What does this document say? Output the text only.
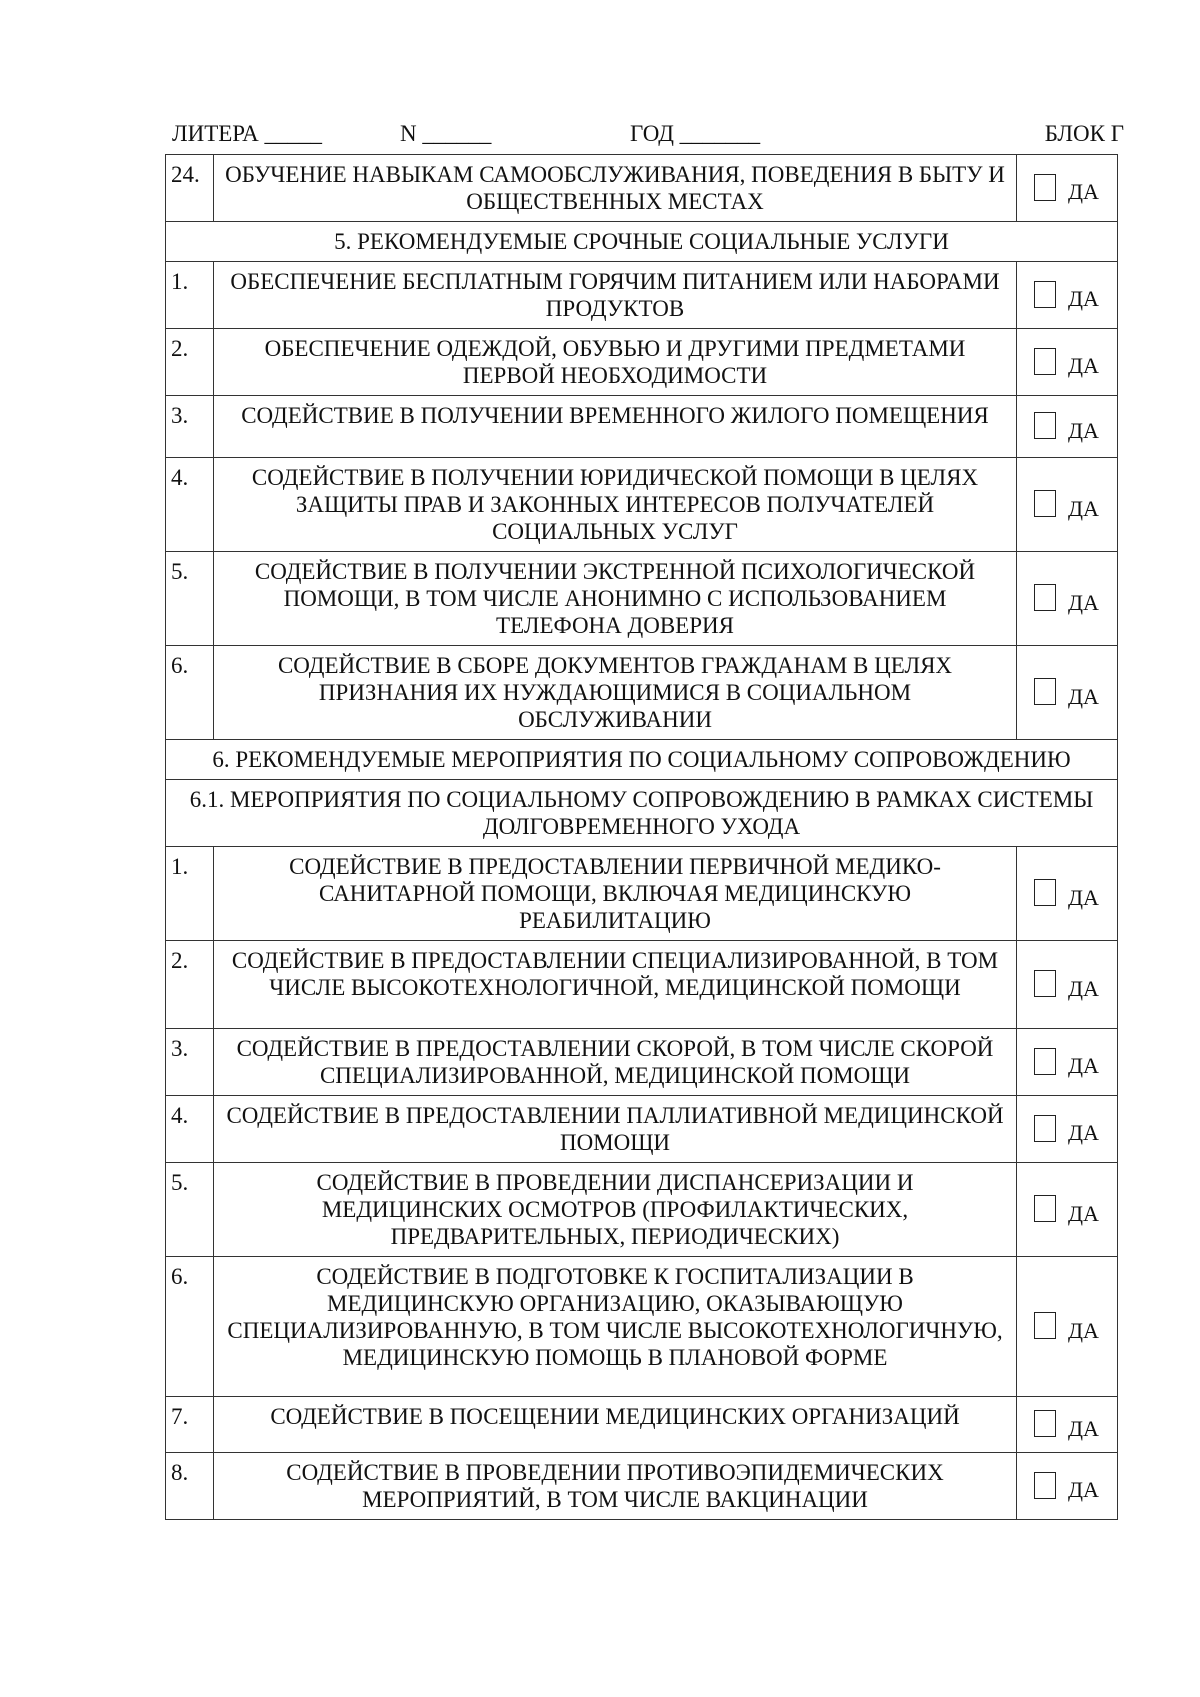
ЛИТЕРА _____	N ______	ГОД _______	БЛОК Г
24.	ОБУЧЕНИЕ НАВЫКАМ САМООБСЛУЖИВАНИЯ, ПОВЕДЕНИЯ В БЫТУ И ОБЩЕСТВЕННЫХ МЕСТАХ	ДА

5. РЕКОМЕНДУЕМЫЕ СРОЧНЫЕ СОЦИАЛЬНЫЕ УСЛУГИ		
1.	ОБЕСПЕЧЕНИЕ БЕСПЛАТНЫМ ГОРЯЧИМ ПИТАНИЕМ ИЛИ НАБОРАМИ ПРОДУКТОВ	ДА

2.	ОБЕСПЕЧЕНИЕ ОДЕЖДОЙ, ОБУВЬЮ И ДРУГИМИ ПРЕДМЕТАМИ ПЕРВОЙ НЕОБХОДИМОСТИ	ДА

3.	СОДЕЙСТВИЕ В ПОЛУЧЕНИИ ВРЕМЕННОГО ЖИЛОГО ПОМЕЩЕНИЯ	ДА

4.	СОДЕЙСТВИЕ В ПОЛУЧЕНИИ ЮРИДИЧЕСКОЙ ПОМОЩИ В ЦЕЛЯХ ЗАЩИТЫ ПРАВ И ЗАКОННЫХ ИНТЕРЕСОВ ПОЛУЧАТЕЛЕЙ СОЦИАЛЬНЫХ УСЛУГ	ДА

5.	СОДЕЙСТВИЕ В ПОЛУЧЕНИИ ЭКСТРЕННОЙ ПСИХОЛОГИЧЕСКОЙ ПОМОЩИ, В ТОМ ЧИСЛЕ АНОНИМНО С ИСПОЛЬЗОВАНИЕМ ТЕЛЕФОНА ДОВЕРИЯ	ДА

6.	СОДЕЙСТВИЕ В СБОРЕ ДОКУМЕНТОВ ГРАЖДАНАМ В ЦЕЛЯХ ПРИЗНАНИЯ ИХ НУЖДАЮЩИМИСЯ В СОЦИАЛЬНОМ ОБСЛУЖИВАНИИ	ДА

6. РЕКОМЕНДУЕМЫЕ МЕРОПРИЯТИЯ ПО СОЦИАЛЬНОМУ СОПРОВОЖДЕНИЮ		
6.1. МЕРОПРИЯТИЯ ПО СОЦИАЛЬНОМУ СОПРОВОЖДЕНИЮ В РАМКАХ СИСТЕМЫ ДОЛГОВРЕМЕННОГО УХОДА		
1.	СОДЕЙСТВИЕ В ПРЕДОСТАВЛЕНИИ ПЕРВИЧНОЙ МЕДИКО-САНИТАРНОЙ ПОМОЩИ, ВКЛЮЧАЯ МЕДИЦИНСКУЮ РЕАБИЛИТАЦИЮ	ДА

2.	СОДЕЙСТВИЕ В ПРЕДОСТАВЛЕНИИ СПЕЦИАЛИЗИРОВАННОЙ, В ТОМ ЧИСЛЕ ВЫСОКОТЕХНОЛОГИЧНОЙ, МЕДИЦИНСКОЙ ПОМОЩИ	ДА

3.	СОДЕЙСТВИЕ В ПРЕДОСТАВЛЕНИИ СКОРОЙ, В ТОМ ЧИСЛЕ СКОРОЙ СПЕЦИАЛИЗИРОВАННОЙ, МЕДИЦИНСКОЙ ПОМОЩИ	ДА

4.	СОДЕЙСТВИЕ В ПРЕДОСТАВЛЕНИИ ПАЛЛИАТИВНОЙ МЕДИЦИНСКОЙ ПОМОЩИ	ДА

5.	СОДЕЙСТВИЕ В ПРОВЕДЕНИИ ДИСПАНСЕРИЗАЦИИ И МЕДИЦИНСКИХ ОСМОТРОВ (ПРОФИЛАКТИЧЕСКИХ, ПРЕДВАРИТЕЛЬНЫХ, ПЕРИОДИЧЕСКИХ)	ДА

6.	СОДЕЙСТВИЕ В ПОДГОТОВКЕ К ГОСПИТАЛИЗАЦИИ В МЕДИЦИНСКУЮ ОРГАНИЗАЦИЮ, ОКАЗЫВАЮЩУЮ СПЕЦИАЛИЗИРОВАННУЮ, В ТОМ ЧИСЛЕ ВЫСОКОТЕХНОЛОГИЧНУЮ, МЕДИЦИНСКУЮ ПОМОЩЬ В ПЛАНОВОЙ ФОРМЕ	ДА

7.	СОДЕЙСТВИЕ В ПОСЕЩЕНИИ МЕДИЦИНСКИХ ОРГАНИЗАЦИЙ	ДА

8.	СОДЕЙСТВИЕ В ПРОВЕДЕНИИ ПРОТИВОЭПИДЕМИЧЕСКИХ МЕРОПРИЯТИЙ, В ТОМ ЧИСЛЕ ВАКЦИНАЦИИ	ДА
